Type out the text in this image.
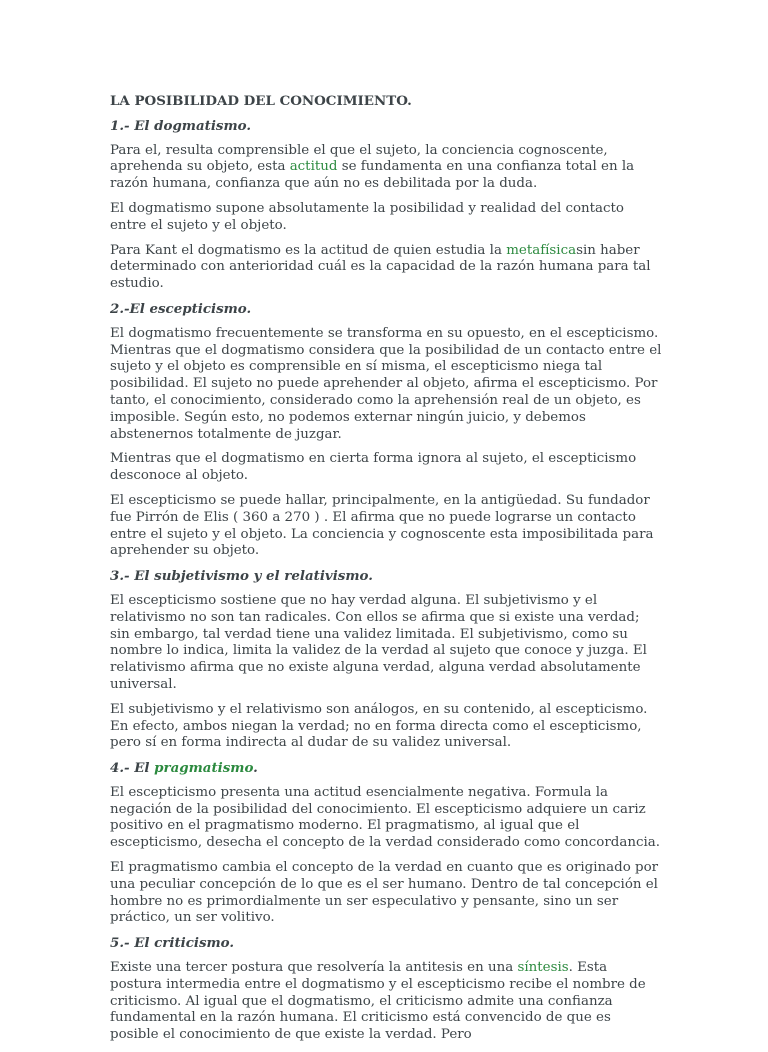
LA POSIBILIDAD DEL CONOCIMIENTO.

1.- El dogmatismo.

Para el, resulta comprensible el que el sujeto, la conciencia cognoscente, aprehenda su objeto, esta actitud se fundamenta en una confianza total en la razón humana, confianza que aún no es debilitada por la duda.

El dogmatismo supone absolutamente la posibilidad y realidad del contacto entre el sujeto y el objeto.

Para Kant el dogmatismo es la actitud de quien estudia la metafísicasin haber determinado con anterioridad cuál es la capacidad de la razón humana para tal estudio.

2.-El escepticismo.

El dogmatismo frecuentemente se transforma en su opuesto, en el escepticismo. Mientras que el dogmatismo considera que la posibilidad de un contacto entre el sujeto y el objeto es comprensible en sí misma, el escepticismo niega tal posibilidad. El sujeto no puede aprehender al objeto, afirma el escepticismo. Por tanto, el conocimiento, considerado como la aprehensión real de un objeto, es imposible. Según esto, no podemos externar ningún juicio, y debemos abstenernos totalmente de juzgar.

Mientras que el dogmatismo en cierta forma ignora al sujeto, el escepticismo desconoce al objeto.

El escepticismo se puede hallar, principalmente, en la antigüedad. Su fundador fue Pirrón de Elis ( 360 a 270 ) . El afirma que no puede lograrse un contacto entre el sujeto y el objeto. La conciencia y cognoscente esta imposibilitada para aprehender su objeto.

3.- El subjetivismo y el relativismo.

El escepticismo sostiene que no hay verdad alguna. El subjetivismo y el relativismo no son tan radicales. Con ellos se afirma que si existe una verdad; sin embargo, tal verdad tiene una validez limitada. El subjetivismo, como su nombre lo indica, limita la validez de la verdad al sujeto que conoce y juzga. El relativismo afirma que no existe alguna verdad, alguna verdad absolutamente universal.

El subjetivismo y el relativismo son análogos, en su contenido, al escepticismo. En efecto, ambos niegan la verdad; no en forma directa como el escepticismo, pero sí en forma indirecta al dudar de su validez universal.

4.- El pragmatismo.

El escepticismo presenta una actitud esencialmente negativa. Formula la negación de la posibilidad del conocimiento. El escepticismo adquiere un cariz positivo en el pragmatismo moderno. El pragmatismo, al igual que el escepticismo, desecha el concepto de la verdad considerado como concordancia.

El pragmatismo cambia el concepto de la verdad en cuanto que es originado por una peculiar concepción de lo que es el ser humano. Dentro de tal concepción el hombre no es primordialmente un ser especulativo y pensante, sino un ser práctico, un ser volitivo.

5.- El criticismo.

Existe una tercer postura que resolvería la antitesis en una síntesis. Esta postura intermedia entre el dogmatismo y el escepticismo recibe el nombre de criticismo. Al igual que el dogmatismo, el criticismo admite una confianza fundamental en la razón humana. El criticismo está convencido de que es posible el conocimiento de que existe la verdad. Pero
